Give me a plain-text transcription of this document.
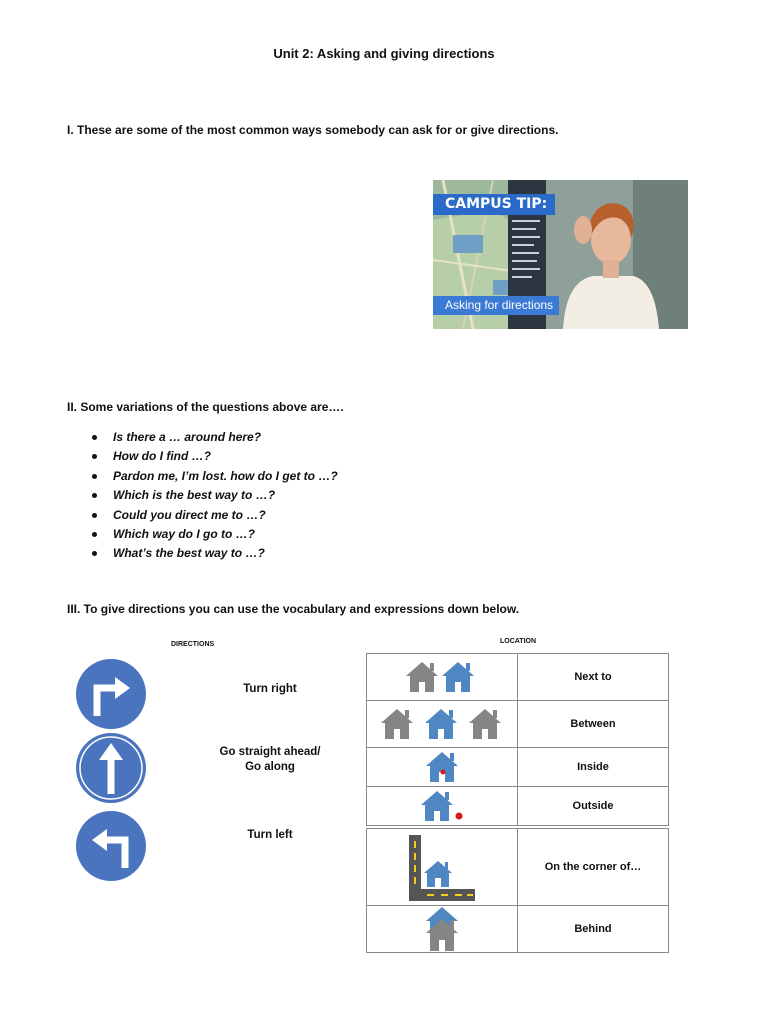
Unit 2: Asking and giving directions
I. These are some of the most common ways somebody can ask for or give directions.
CAMPUS TIP:
Asking for directions
II. Some variations of the questions above are….
Is there a … around here?
How do I find …?
Pardon me, I’m lost. how do I get to …?
Which is the best way to …?
Could you direct me to …?
Which way do I go to …?
What’s the best way to …?
III. To give directions you can use the vocabulary and expressions down below.
DIRECTIONS	LOCATION
Turn right
Go straight ahead/
Go along
Turn left
	Next to

	Between

	Inside

	Outside

	On the corner of…

	Behind
